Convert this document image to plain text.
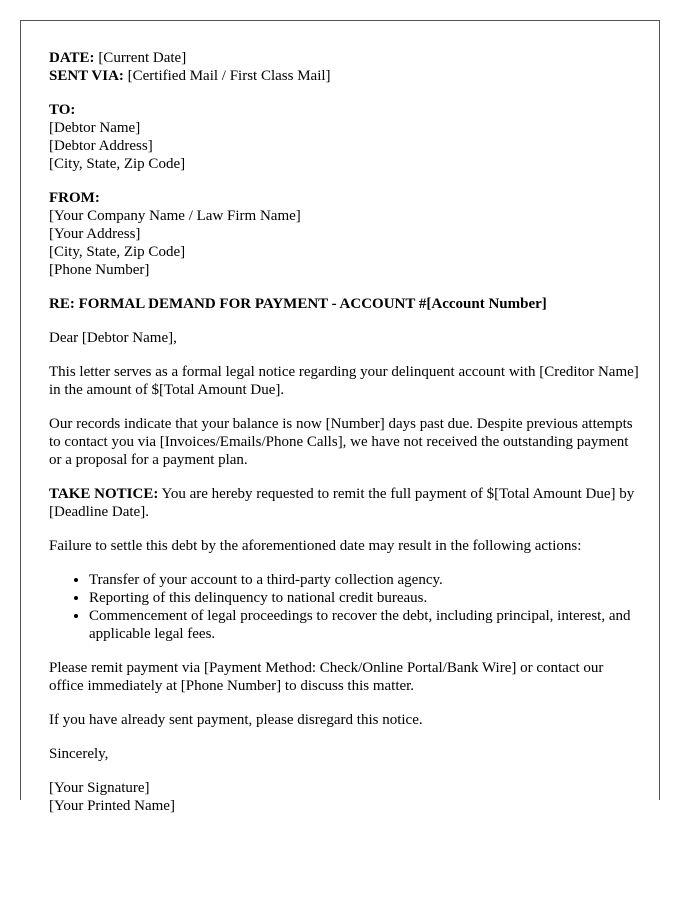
DATE: [Current Date]
SENT VIA: [Certified Mail / First Class Mail]
TO:
[Debtor Name]
[Debtor Address]
[City, State, Zip Code]
FROM:
[Your Company Name / Law Firm Name]
[Your Address]
[City, State, Zip Code]
[Phone Number]
RE: FORMAL DEMAND FOR PAYMENT - ACCOUNT #[Account Number]

Dear [Debtor Name],

This letter serves as a formal legal notice regarding your delinquent account with [Creditor Name] in the amount of $[Total Amount Due].

Our records indicate that your balance is now [Number] days past due. Despite previous attempts to contact you via [Invoices/Emails/Phone Calls], we have not received the outstanding payment or a proposal for a payment plan.

TAKE NOTICE: You are hereby requested to remit the full payment of $[Total Amount Due] by [Deadline Date].

Failure to settle this debt by the aforementioned date may result in the following actions:

• Transfer of your account to a third-party collection agency.
• Reporting of this delinquency to national credit bureaus.
• Commencement of legal proceedings to recover the debt, including principal, interest, and applicable legal fees.

Please remit payment via [Payment Method: Check/Online Portal/Bank Wire] or contact our office immediately at [Phone Number] to discuss this matter.

If you have already sent payment, please disregard this notice.

Sincerely,

[Your Signature]
[Your Printed Name]
